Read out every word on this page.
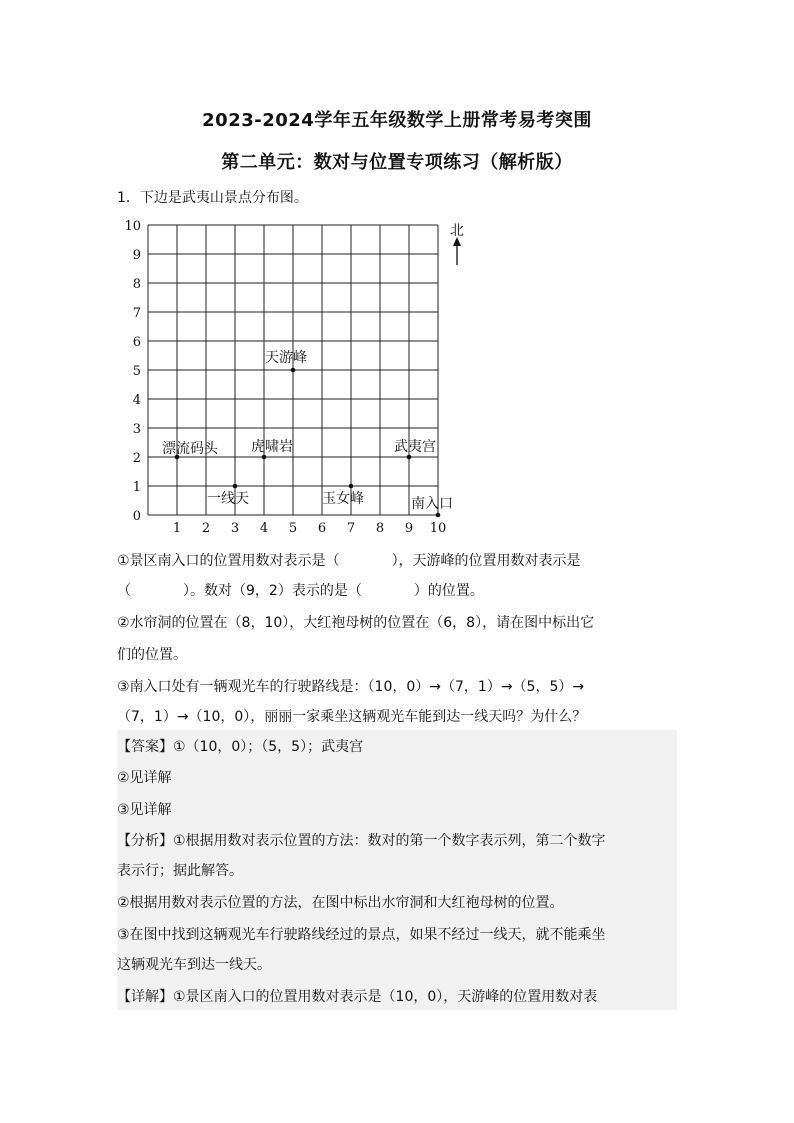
2023-2024学年五年级数学上册常考易考突围
第二单元：数对与位置专项练习（解析版）
1．下边是武夷山景点分布图。
1 2 3 4 5 6 7 8 9 10
0
1
2
3
4
5
6
7
8
9
10
天游峰
漂流码头 虎啸岩	武夷宫
一线天	玉女峰	南入口
北
①景区南入口的位置用数对表示是（	），天游峰的位置用数对表示是
（	）。数对（9，2）表示的是（	）的位置。
②水帘洞的位置在（8，10），大红袍母树的位置在（6，8），请在图中标出它
们的位置。
③南入口处有一辆观光车的行驶路线是：（10，0）→（7，1）→（5，5）→
（7，1）→（10，0），丽丽一家乘坐这辆观光车能到达一线天吗？为什么？
【答案】①（10，0）；（5，5）；武夷宫
②见详解
③见详解
【分析】①根据用数对表示位置的方法：数对的第一个数字表示列，第二个数字
表示行；据此解答。
②根据用数对表示位置的方法，在图中标出水帘洞和大红袍母树的位置。
③在图中找到这辆观光车行驶路线经过的景点，如果不经过一线天，就不能乘坐
这辆观光车到达一线天。
【详解】①景区南入口的位置用数对表示是（10，0），天游峰的位置用数对表
